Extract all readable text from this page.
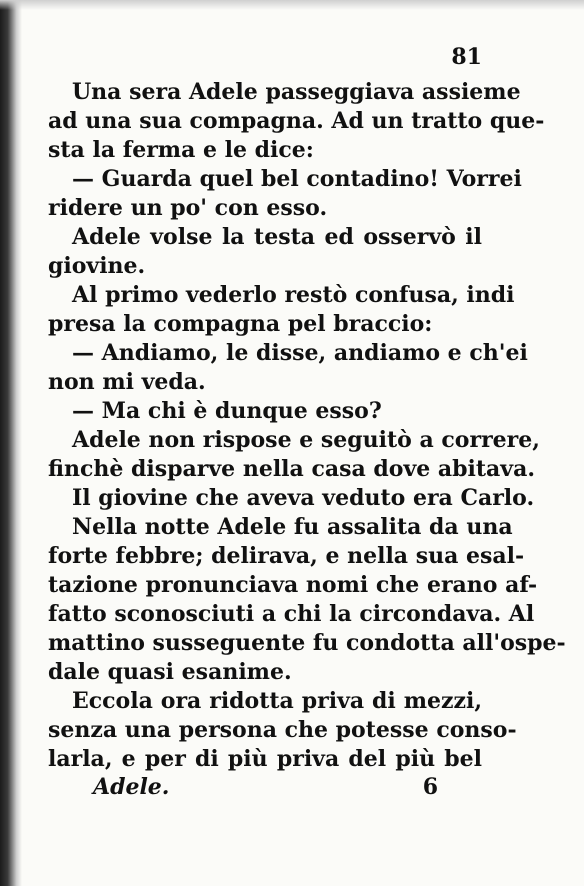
81
Una sera Adele passeggiava assieme
ad una sua compagna. Ad un tratto que-
sta la ferma e le dice:
— Guarda quel bel contadino! Vorrei
ridere un po' con esso.
Adele volse la testa ed osservò il
giovine.
Al primo vederlo restò confusa, indi
presa la compagna pel braccio:
— Andiamo, le disse, andiamo e ch'ei
non mi veda.
— Ma chi è dunque esso?
Adele non rispose e seguitò a correre,
finchè disparve nella casa dove abitava.
Il giovine che aveva veduto era Carlo.
Nella notte Adele fu assalita da una
forte febbre; delirava, e nella sua esal-
tazione pronunciava nomi che erano af-
fatto sconosciuti a chi la circondava. Al
mattino susseguente fu condotta all'ospe-
dale quasi esanime.
Eccola ora ridotta priva di mezzi,
senza una persona che potesse conso-
larla, e per di più priva del più bel
Adele.	6
